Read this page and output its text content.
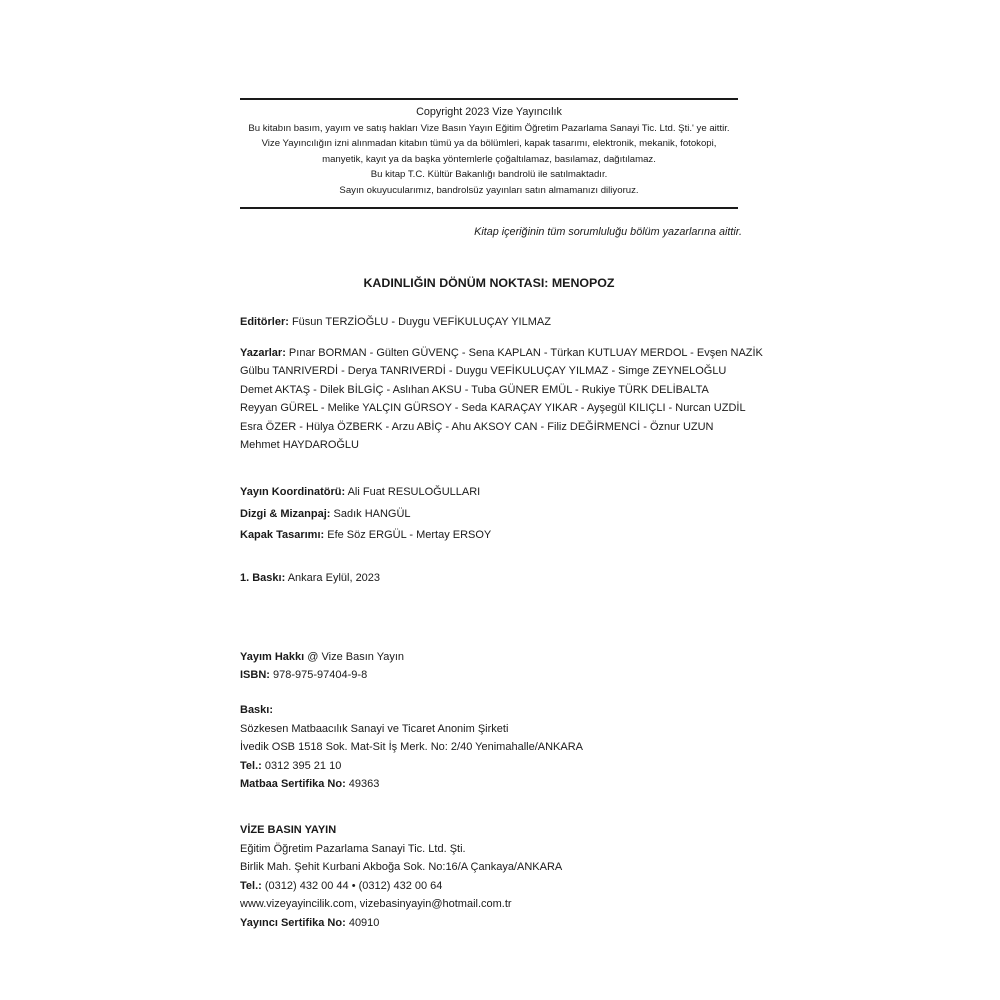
Copyright 2023 Vize Yayıncılık
Bu kitabın basım, yayım ve satış hakları Vize Basın Yayın Eğitim Öğretim Pazarlama Sanayi Tic. Ltd. Şti.' ye aittir.
Vize Yayıncılığın izni alınmadan kitabın tümü ya da bölümleri, kapak tasarımı, elektronik, mekanik, fotokopi,
manyetik, kayıt ya da başka yöntemlerle çoğaltılamaz, basılamaz, dağıtılamaz.
Bu kitap T.C. Kültür Bakanlığı bandrolü ile satılmaktadır.
Sayın okuyucularımız, bandrolsüz yayınları satın almamanızı diliyoruz.
Kitap içeriğinin tüm sorumluluğu bölüm yazarlarına aittir.
KADINLIĞIN DÖNÜM NOKTASI: MENOPOZ
Editörler: Füsun TERZİOĞLU - Duygu VEFİKULUÇAY YILMAZ
Yazarlar: Pınar BORMAN - Gülten GÜVENÇ - Sena KAPLAN - Türkan KUTLUAY MERDOL - Evşen NAZİK
Gülbu TANRIVERDİ - Derya TANRIVERDİ - Duygu VEFİKULUÇAY YILMAZ - Simge ZEYNELOĞLU
Demet AKTAŞ - Dilek BİLGİÇ - Aslıhan AKSU - Tuba GÜNER EMÜL - Rukiye TÜRK DELİBALTA
Reyyan GÜREL - Melike YALÇIN GÜRSOY - Seda KARAÇAY YIKAR - Ayşegül KILIÇLI - Nurcan UZDİL
Esra ÖZER - Hülya ÖZBERK - Arzu ABİÇ - Ahu AKSOY CAN - Filiz DEĞİRMENCİ - Öznur UZUN
Mehmet HAYDAROĞLU
Yayın Koordinatörü: Ali Fuat RESULOĞULLARI
Dizgi & Mizanpaj: Sadık HANGÜL
Kapak Tasarımı: Efe Söz ERGÜL - Mertay ERSOY
1. Baskı: Ankara Eylül, 2023
Yayım Hakkı @ Vize Basın Yayın
ISBN: 978-975-97404-9-8
Baskı:
Sözkesen Matbaacılık Sanayi ve Ticaret Anonim Şirketi
İvedik OSB 1518 Sok. Mat-Sit İş Merk. No: 2/40 Yenimahalle/ANKARA
Tel.: 0312 395 21 10
Matbaa Sertifika No: 49363
VİZE BASIN YAYIN
Eğitim Öğretim Pazarlama Sanayi Tic. Ltd. Şti.
Birlik Mah. Şehit Kurbani Akboğa Sok. No:16/A Çankaya/ANKARA
Tel.: (0312) 432 00 44 • (0312) 432 00 64
www.vizeyayincilik.com, vizebasinyayin@hotmail.com.tr
Yayıncı Sertifika No: 40910
